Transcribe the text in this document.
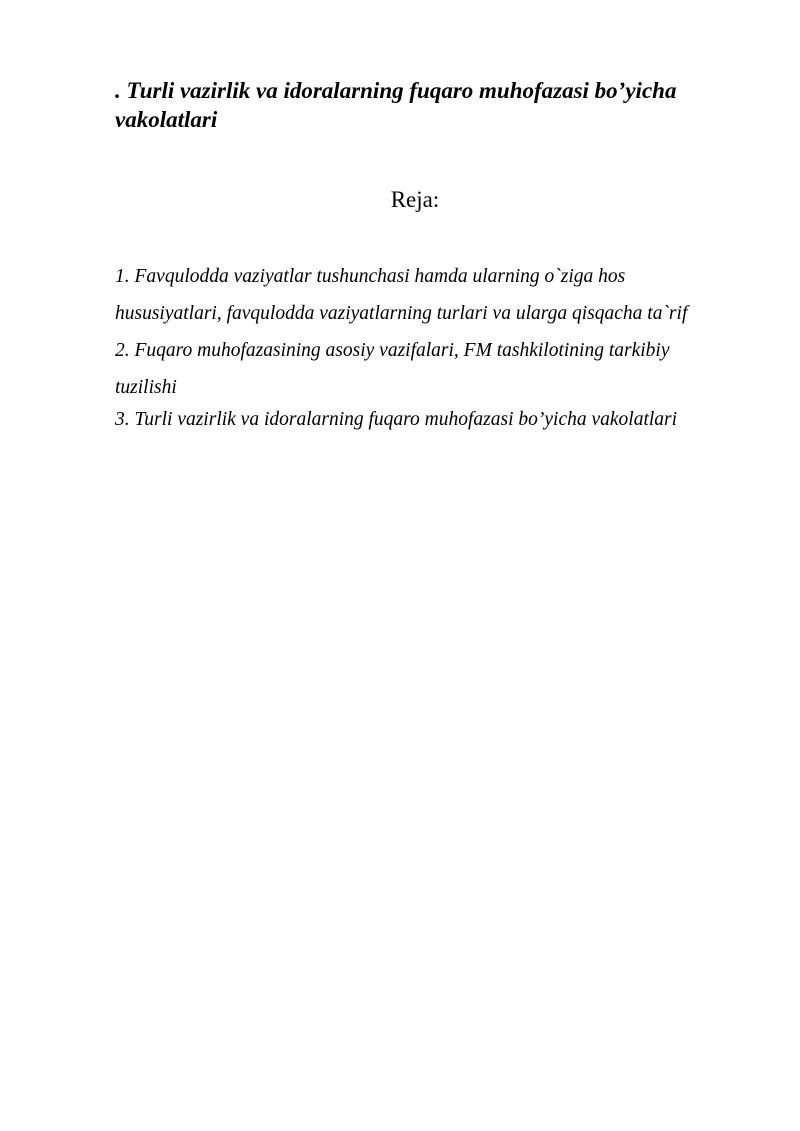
. Turli vazirlik va idoralarning fuqaro muhofazasi bo’yicha vakolatlari
Reja:
1. Favqulodda vaziyatlar tushunchasi hamda ularning o`ziga hos hususiyatlari, favqulodda vaziyatlarning turlari va ularga qisqacha ta`rif
2. Fuqaro muhofazasining asosiy vazifalari, FM tashkilotining tarkibiy tuzilishi
3. Turli vazirlik va idoralarning fuqaro muhofazasi bo’yicha vakolatlari
